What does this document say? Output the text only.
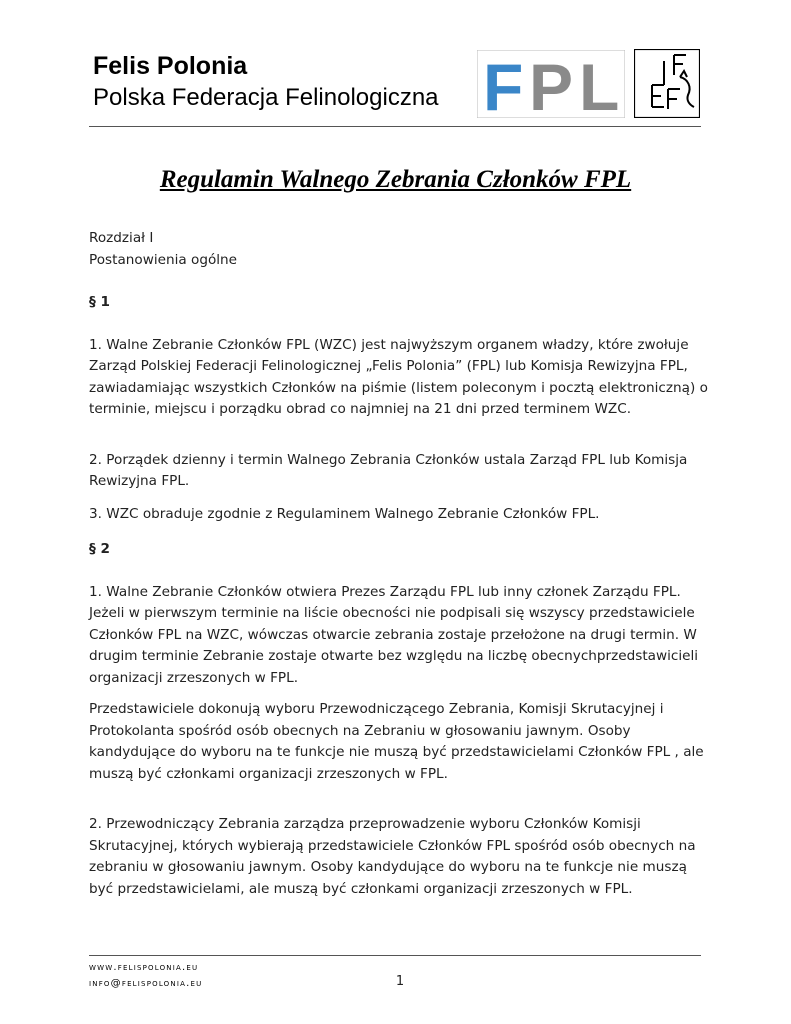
Felis Polonia
Polska Federacja Felinologiczna F P L
Regulamin Walnego Zebrania Członków FPL

Rozdział I

Postanowienia ogólne

§ 1

1. Walne Zebranie Członków FPL (WZC) jest najwyższym organem władzy, które zwołuje Zarząd Polskiej Federacji Felinologicznej „Felis Polonia” (FPL) lub Komisja Rewizyjna FPL, zawiadamiając wszystkich Członków na piśmie (listem poleconym i pocztą elektroniczną) o terminie, miejscu i porządku obrad co najmniej na 21 dni przed terminem WZC.

2. Porządek dzienny i termin Walnego Zebrania Członków ustala Zarząd FPL lub Komisja Rewizyjna FPL.

3. WZC obraduje zgodnie z Regulaminem Walnego Zebranie Członków FPL.

§ 2

1. Walne Zebranie Członków otwiera Prezes Zarządu FPL lub inny członek Zarządu FPL. Jeżeli w pierwszym terminie na liście obecności nie podpisali się wszyscy przedstawiciele Członków FPL na WZC, wówczas otwarcie zebrania zostaje przełożone na drugi termin. W drugim terminie Zebranie zostaje otwarte bez względu na liczbę obecnychprzedstawicieli organizacji zrzeszonych w FPL.

Przedstawiciele dokonują wyboru Przewodniczącego Zebrania, Komisji Skrutacyjnej i Protokolanta spośród osób obecnych na Zebraniu w głosowaniu jawnym. Osoby kandydujące do wyboru na te funkcje nie muszą być przedstawicielami Członków FPL , ale muszą być członkami organizacji zrzeszonych w FPL.

2. Przewodniczący Zebrania zarządza przeprowadzenie wyboru Członków Komisji Skrutacyjnej, których wybierają przedstawiciele Członków FPL spośród osób obecnych na zebraniu w głosowaniu jawnym. Osoby kandydujące do wyboru na te funkcje nie muszą być przedstawicielami, ale muszą być członkami organizacji zrzeszonych w FPL.

www.felispolonia.eu
info@felispolonia.eu	1
